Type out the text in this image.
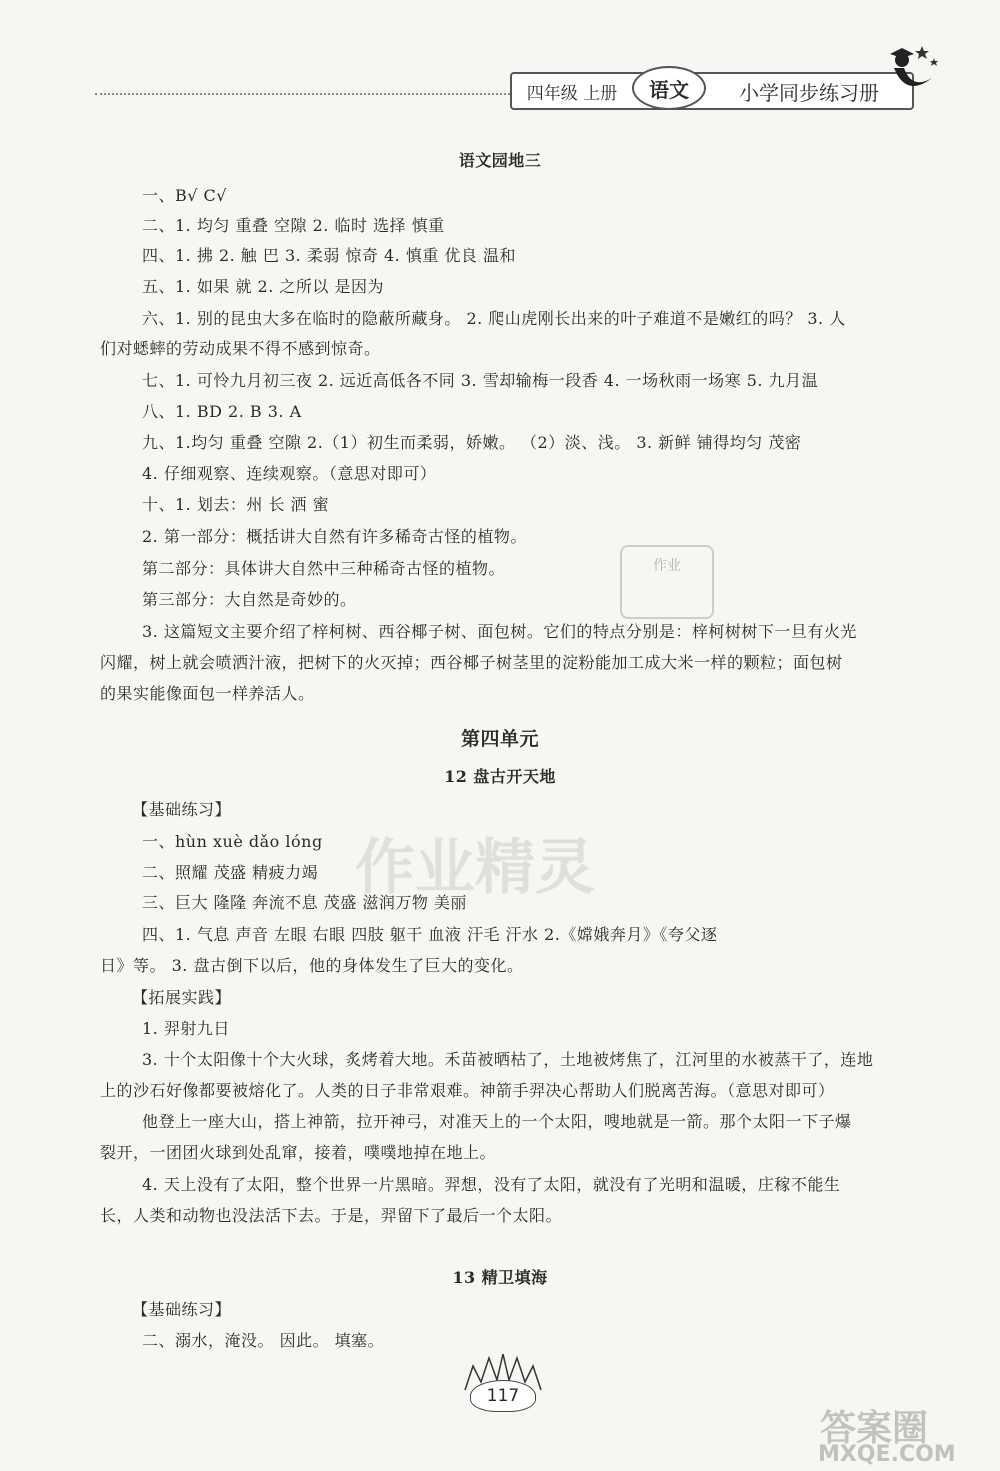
四年级 上册	语文	小学同步练习册
语文园地三
一、B√ C√
二、1. 均匀 重叠 空隙 2. 临时 选择 慎重
四、1. 拂 2. 触 巴 3. 柔弱 惊奇 4. 慎重 优良 温和
五、1. 如果 就 2. 之所以 是因为
六、1. 别的昆虫大多在临时的隐蔽所藏身。 2. 爬山虎刚长出来的叶子难道不是嫩红的吗？ 3. 人
们对蟋蟀的劳动成果不得不感到惊奇。
七、1. 可怜九月初三夜 2. 远近高低各不同 3. 雪却输梅一段香 4. 一场秋雨一场寒 5. 九月温
八、1. BD 2. B 3. A
九、1.均匀 重叠 空隙 2.（1）初生而柔弱，娇嫩。 （2）淡、浅。 3. 新鲜 铺得均匀 茂密
4. 仔细观察、连续观察。（意思对即可）
十、1. 划去：州 长 洒 蜜
2. 第一部分：概括讲大自然有许多稀奇古怪的植物。
第二部分：具体讲大自然中三种稀奇古怪的植物。
第三部分：大自然是奇妙的。
3. 这篇短文主要介绍了梓柯树、西谷椰子树、面包树。它们的特点分别是：梓柯树树下一旦有火光
闪耀，树上就会喷洒汁液，把树下的火灭掉；西谷椰子树茎里的淀粉能加工成大米一样的颗粒；面包树
的果实能像面包一样养活人。
第四单元
12 盘古开天地
【基础练习】
一、hùn xuè dǎo lóng
二、照耀 茂盛 精疲力竭
三、巨大 隆隆 奔流不息 茂盛 滋润万物 美丽
四、1. 气息 声音 左眼 右眼 四肢 躯干 血液 汗毛 汗水 2.《嫦娥奔月》《夸父逐
日》等。 3. 盘古倒下以后，他的身体发生了巨大的变化。
【拓展实践】
1. 羿射九日
3. 十个太阳像十个大火球，炙烤着大地。禾苗被晒枯了，土地被烤焦了，江河里的水被蒸干了，连地
上的沙石好像都要被熔化了。人类的日子非常艰难。神箭手羿决心帮助人们脱离苦海。（意思对即可）
他登上一座大山，搭上神箭，拉开神弓，对准天上的一个太阳，嗖地就是一箭。那个太阳一下子爆
裂开，一团团火球到处乱窜，接着，噗噗地掉在地上。
4. 天上没有了太阳，整个世界一片黑暗。羿想，没有了太阳，就没有了光明和温暖，庄稼不能生
长，人类和动物也没法活下去。于是，羿留下了最后一个太阳。
13 精卫填海
【基础练习】
二、溺水，淹没。 因此。 填塞。
作业精灵
作业
117
答案圈
MXQE.COM
